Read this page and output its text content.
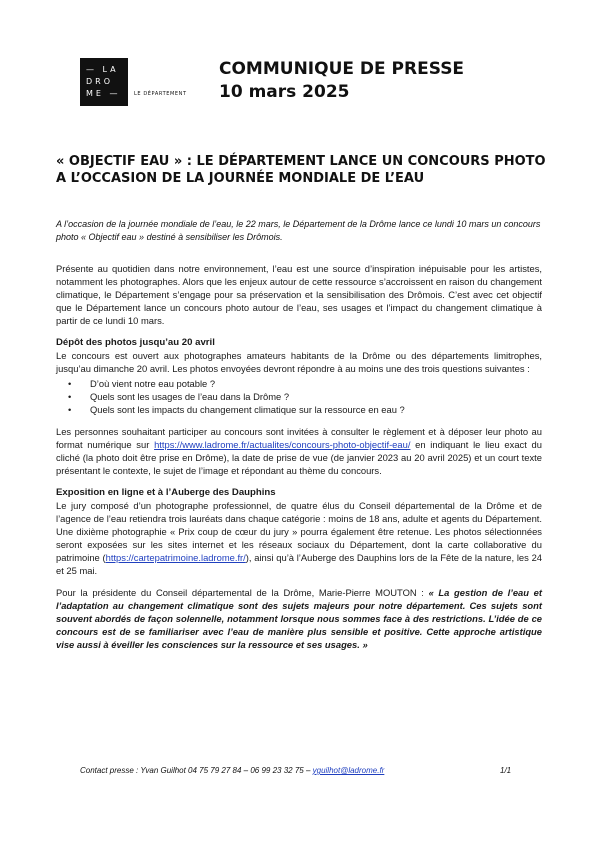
— LA
DRO
ME —	LE DÉPARTEMENT
COMMUNIQUE DE PRESSE
10 mars 2025
« OBJECTIF EAU » : LE DÉPARTEMENT LANCE UN CONCOURS PHOTO A L’OCCASION DE LA JOURNÉE MONDIALE DE L’EAU
A l’occasion de la journée mondiale de l’eau, le 22 mars, le Département de la Drôme lance ce lundi 10 mars un concours photo « Objectif eau » destiné à sensibiliser les Drômois.

Présente au quotidien dans notre environnement, l’eau est une source d’inspiration inépuisable pour les artistes, notamment les photographes. Alors que les enjeux autour de cette ressource s’accroissent en raison du changement climatique, le Département s’engage pour sa préservation et la sensibilisation des Drômois. C’est avec cet objectif que le Département lance un concours photo autour de l’eau, ses usages et l’impact du changement climatique à partir de ce lundi 10 mars.

Dépôt des photos jusqu’au 20 avril

Le concours est ouvert aux photographes amateurs habitants de la Drôme ou des départements limitrophes, jusqu’au dimanche 20 avril. Les photos envoyées devront répondre à au moins une des trois questions suivantes :

• D’où vient notre eau potable ?
• Quels sont les usages de l’eau dans la Drôme ?
• Quels sont les impacts du changement climatique sur la ressource en eau ?

Les personnes souhaitant participer au concours sont invitées à consulter le règlement et à déposer leur photo au format numérique sur https://www.ladrome.fr/actualites/concours-photo-objectif-eau/ en indiquant le lieu exact du cliché (la photo doit être prise en Drôme), la date de prise de vue (de janvier 2023 au 20 avril 2025) et un court texte présentant le contexte, le sujet de l’image et répondant au thème du concours.

Exposition en ligne et à l’Auberge des Dauphins

Le jury composé d’un photographe professionnel, de quatre élus du Conseil départemental de la Drôme et de l’agence de l’eau retiendra trois lauréats dans chaque catégorie : moins de 18 ans, adulte et agents du Département. Une dixième photographie « Prix coup de cœur du jury » pourra également être retenue. Les photos sélectionnées seront exposées sur les sites internet et les réseaux sociaux du Département, dont la carte collaborative du patrimoine (https://cartepatrimoine.ladrome.fr/), ainsi qu’à l’Auberge des Dauphins lors de la Fête de la nature, les 24 et 25 mai.

Pour la présidente du Conseil départemental de la Drôme, Marie-Pierre MOUTON : « La gestion de l’eau et l’adaptation au changement climatique sont des sujets majeurs pour notre département. Ces sujets sont souvent abordés de façon solennelle, notamment lorsque nous sommes face à des restrictions. L’idée de ce concours est de se familiariser avec l’eau de manière plus sensible et positive. Cette approche artistique vise aussi à éveiller les consciences sur la ressource et ses usages. »

Contact presse : Yvan Guilhot 04 75 79 27 84 – 06 99 23 32 75 – yguilhot@ladrome.fr	1/1
